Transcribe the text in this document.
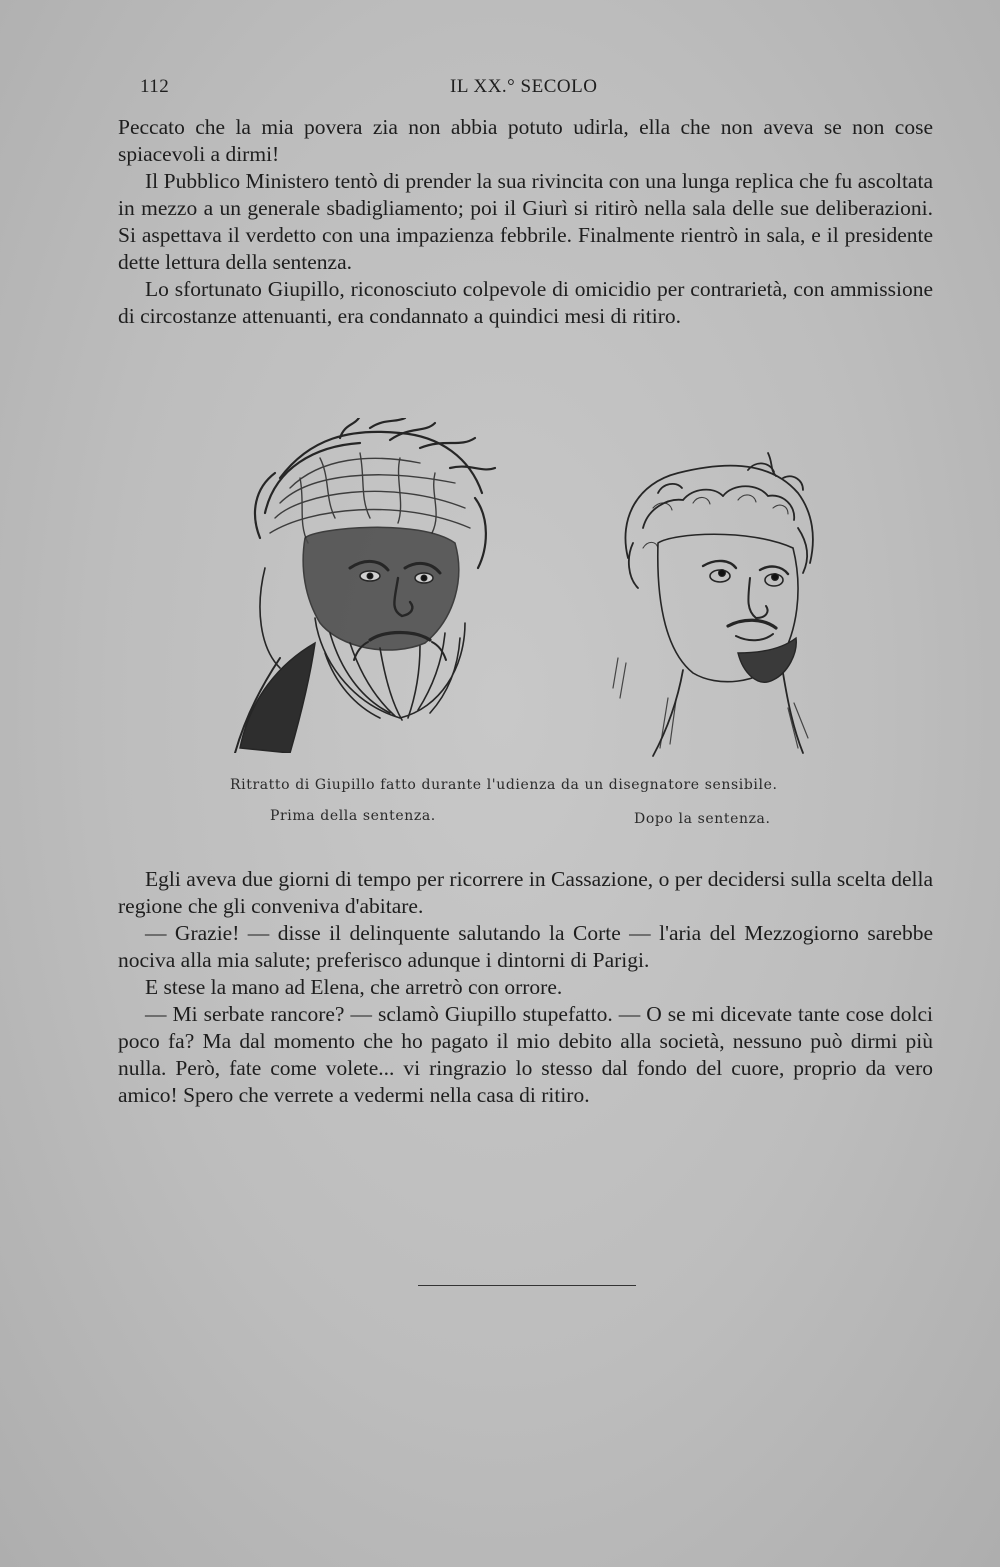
112	IL XX.° SECOLO

Peccato che la mia povera zia non abbia potuto udirla, ella che non aveva se non cose spiacevoli a dirmi!

Il Pubblico Ministero tentò di prender la sua rivincita con una lunga replica che fu ascoltata in mezzo a un generale sbadigliamento; poi il Giurì si ritirò nella sala delle sue deliberazioni. Si aspettava il verdetto con una impazienza febbrile. Finalmente rientrò in sala, e il presidente dette lettura della sentenza.

Lo sfortunato Giupillo, riconosciuto colpevole di omicidio per contrarietà, con ammissione di circostanze attenuanti, era condannato a quindici mesi di ritiro.

Ritratto di Giupillo fatto durante l'udienza da un disegnatore sensibile.
Prima della sentenza.	Dopo la sentenza.

Egli aveva due giorni di tempo per ricorrere in Cassazione, o per decidersi sulla scelta della regione che gli conveniva d'abitare.

— Grazie! — disse il delinquente salutando la Corte — l'aria del Mezzogiorno sarebbe nociva alla mia salute; preferisco adunque i dintorni di Parigi.

E stese la mano ad Elena, che arretrò con orrore.

— Mi serbate rancore? — sclamò Giupillo stupefatto. — O se mi dicevate tante cose dolci poco fa? Ma dal momento che ho pagato il mio debito alla società, nessuno può dirmi più nulla. Però, fate come volete... vi ringrazio lo stesso dal fondo del cuore, proprio da vero amico! Spero che verrete a vedermi nella casa di ritiro.
